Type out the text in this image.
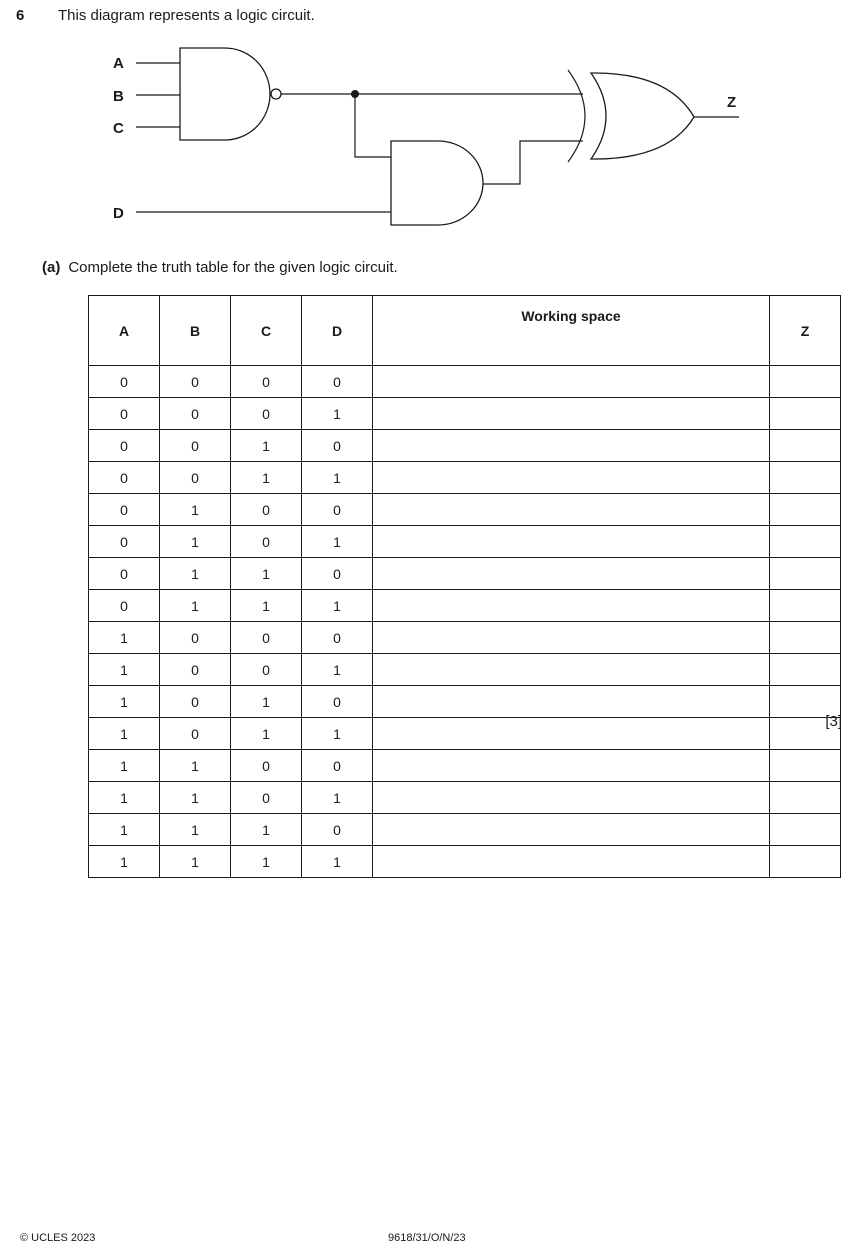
6 This diagram represents a logic circuit.
A
B
C
D
Z
(a) Complete the truth table for the given logic circuit.
A	B	C	D	Working space	Z
0	0	0	0		
0	0	0	1		
0	0	1	0		
0	0	1	1		
0	1	0	0		
0	1	0	1		
0	1	1	0		
0	1	1	1		
1	0	0	0		
1	0	0	1		
1	0	1	0		
1	0	1	1		
1	1	0	0		
1	1	0	1		
1	1	1	0		
1	1	1	1		
[3]
© UCLES 2023	9618/31/O/N/23
